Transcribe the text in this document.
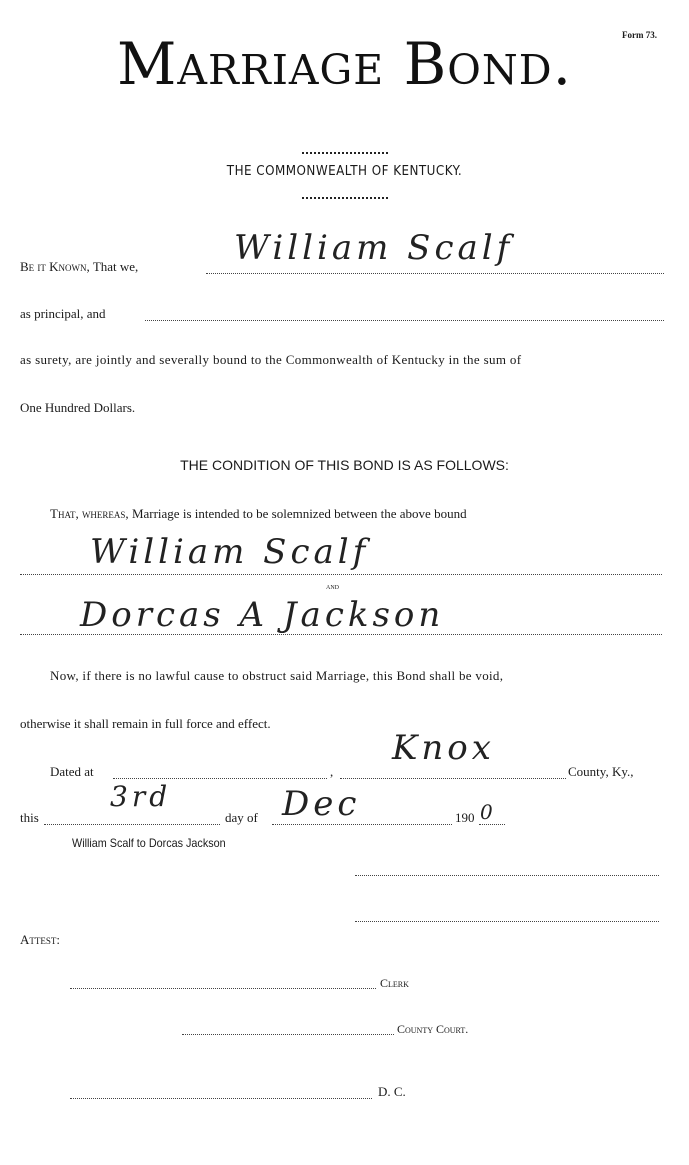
Form 73.
Marriage Bond.
THE COMMONWEALTH OF KENTUCKY.
Be it Known, That we,	William Scalf
as principal, and
as surety, are jointly and severally bound to the Commonwealth of Kentucky in the sum of
One Hundred Dollars.
THE CONDITION OF THIS BOND IS AS FOLLOWS:
That, whereas, Marriage is intended to be solemnized between the above bound
William Scalf
and
Dorcas A Jackson
Now, if there is no lawful cause to obstruct said Marriage, this Bond shall be void,
otherwise it shall remain in full force and effect.
Dated at	,
Knox
County, Ky.,
this
3rd
day of Dec	190 0
William Scalf to Dorcas Jackson
Attest:
Clerk
County Court.
D. C.
